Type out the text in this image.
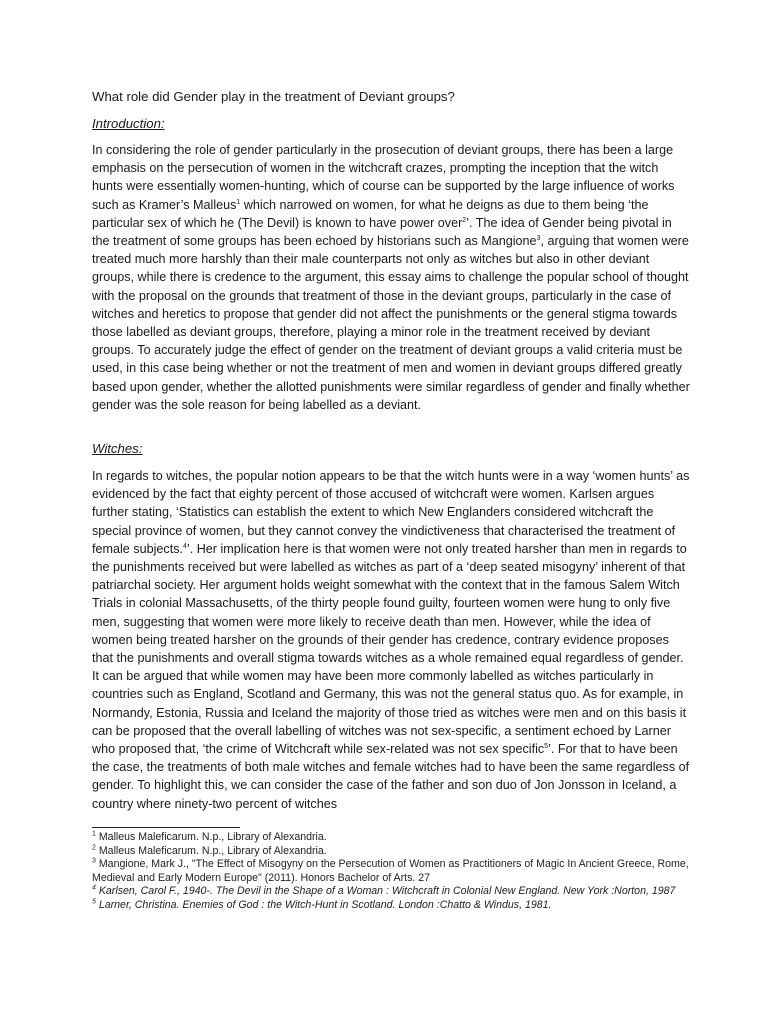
What role did Gender play in the treatment of Deviant groups?

Introduction:

In considering the role of gender particularly in the prosecution of deviant groups, there has been a large emphasis on the persecution of women in the witchcraft crazes, prompting the inception that the witch hunts were essentially women-hunting, which of course can be supported by the large influence of works such as Kramer’s Malleus$^1$ which narrowed on women, for what he deigns as due to them being ‘the particular sex of which he (The Devil) is known to have power over$^2$’. The idea of Gender being pivotal in the treatment of some groups has been echoed by historians such as Mangione$^3$, arguing that women were treated much more harshly than their male counterparts not only as witches but also in other deviant groups, while there is credence to the argument, this essay aims to challenge the popular school of thought with the proposal on the grounds that treatment of those in the deviant groups, particularly in the case of witches and heretics to propose that gender did not affect the punishments or the general stigma towards those labelled as deviant groups, therefore, playing a minor role in the treatment received by deviant groups. To accurately judge the effect of gender on the treatment of deviant groups a valid criteria must be used, in this case being whether or not the treatment of men and women in deviant groups differed greatly based upon gender, whether the allotted punishments were similar regardless of gender and finally whether gender was the sole reason for being labelled as a deviant.

Witches:

In regards to witches, the popular notion appears to be that the witch hunts were in a way ‘women hunts’ as evidenced by the fact that eighty percent of those accused of witchcraft were women. Karlsen argues further stating, ‘Statistics can establish the extent to which New Englanders considered witchcraft the special province of women, but they cannot convey the vindictiveness that characterised the treatment of female subjects.$^4$’. Her implication here is that women were not only treated harsher than men in regards to the punishments received but were labelled as witches as part of a ‘deep seated misogyny’ inherent of that patriarchal society. Her argument holds weight somewhat with the context that in the famous Salem Witch Trials in colonial Massachusetts, of the thirty people found guilty, fourteen women were hung to only five men, suggesting that women were more likely to receive death than men. However, while the idea of women being treated harsher on the grounds of their gender has credence, contrary evidence proposes that the punishments and overall stigma towards witches as a whole remained equal regardless of gender. It can be argued that while women may have been more commonly labelled as witches particularly in countries such as England, Scotland and Germany, this was not the general status quo. As for example, in Normandy, Estonia, Russia and Iceland the majority of those tried as witches were men and on this basis it can be proposed that the overall labelling of witches was not sex-specific, a sentiment echoed by Larner who proposed that, ‘the crime of Witchcraft while sex-related was not sex specific$^5$’. For that to have been the case, the treatments of both male witches and female witches had to have been the same regardless of gender. To highlight this, we can consider the case of the father and son duo of Jon Jonsson in Iceland, a country where ninety-two percent of witches

$^1$ Malleus Maleficarum. N.p., Library of Alexandria.

$^2$ Malleus Maleficarum. N.p., Library of Alexandria.

$^3$ Mangione, Mark J., "The Effect of Misogyny on the Persecution of Women as Practitioners of Magic In Ancient Greece, Rome, Medieval and Early Modern Europe" (2011). Honors Bachelor of Arts. 27

$^4$ Karlsen, Carol F., 1940-. The Devil in the Shape of a Woman : Witchcraft in Colonial New England. New York :Norton, 1987

$^5$ Larner, Christina. Enemies of God : the Witch-Hunt in Scotland. London :Chatto & Windus, 1981.
